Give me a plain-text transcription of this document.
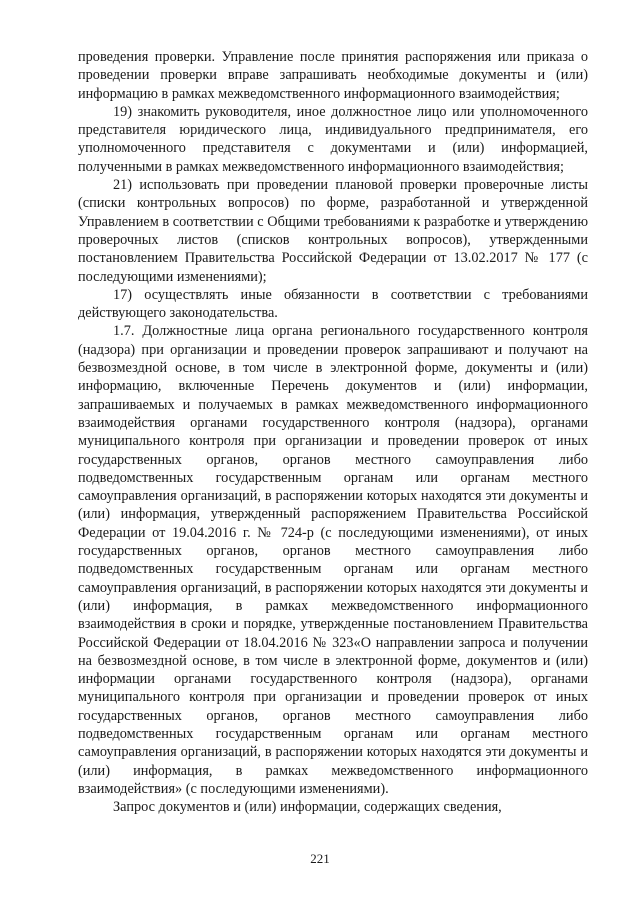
проведения проверки. Управление после принятия распоряжения или приказа о проведении проверки вправе запрашивать необходимые документы и (или) информацию в рамках межведомственного информационного взаимодействия;

19) знакомить руководителя, иное должностное лицо или уполномоченного представителя юридического лица, индивидуального предпринимателя, его уполномоченного представителя с документами и (или) информацией, полученными в рамках межведомственного информационного взаимодействия;

21) использовать при проведении плановой проверки проверочные листы (списки контрольных вопросов) по форме, разработанной и утвержденной Управлением в соответствии с Общими требованиями к разработке и утверждению проверочных листов (списков контрольных вопросов), утвержденными постановлением Правительства Российской Федерации от 13.02.2017 № 177 (с последующими изменениями);

17) осуществлять иные обязанности в соответствии с требованиями действующего законодательства.

1.7. Должностные лица органа регионального государственного контроля (надзора) при организации и проведении проверок запрашивают и получают на безвозмездной основе, в том числе в электронной форме, документы и (или) информацию, включенные Перечень документов и (или) информации, запрашиваемых и получаемых в рамках межведомственного информационного взаимодействия органами государственного контроля (надзора), органами муниципального контроля при организации и проведении проверок от иных государственных органов, органов местного самоуправления либо подведомственных государственным органам или органам местного самоуправления организаций, в распоряжении которых находятся эти документы и (или) информация, утвержденный распоряжением Правительства Российской Федерации от 19.04.2016 г. № 724-р (с последующими изменениями), от иных государственных органов, органов местного самоуправления либо подведомственных государственным органам или органам местного самоуправления организаций, в распоряжении которых находятся эти документы и (или) информация, в рамках межведомственного информационного взаимодействия в сроки и порядке, утвержденные постановлением Правительства Российской Федерации от 18.04.2016 № 323«О направлении запроса и получении на безвозмездной основе, в том числе в электронной форме, документов и (или) информации органами государственного контроля (надзора), органами муниципального контроля при организации и проведении проверок от иных государственных органов, органов местного самоуправления либо подведомственных государственным органам или органам местного самоуправления организаций, в распоряжении которых находятся эти документы и (или) информация, в рамках межведомственного информационного взаимодействия» (с последующими изменениями).

Запрос документов и (или) информации, содержащих сведения,

221
